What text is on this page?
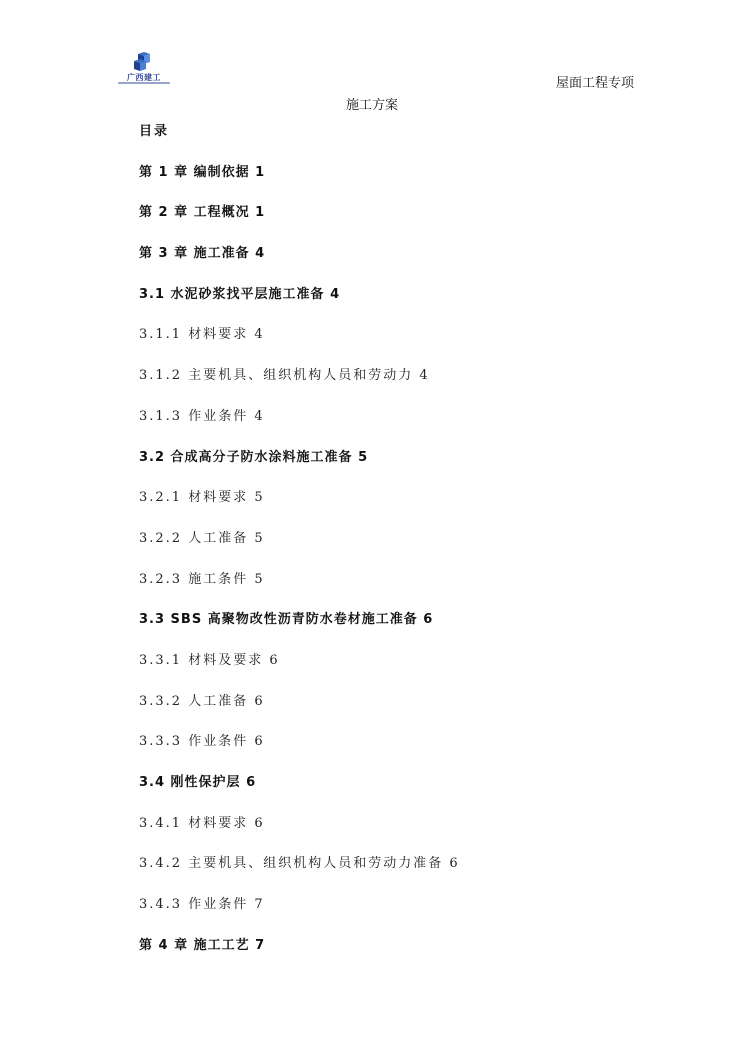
广西建工	屋面工程专项
施工方案
目录
第 1 章 编制依据 1
第 2 章 工程概况 1
第 3 章 施工准备 4
3.1 水泥砂浆找平层施工准备 4
3.1.1 材料要求 4
3.1.2 主要机具、组织机构人员和劳动力 4
3.1.3 作业条件 4
3.2 合成高分子防水涂料施工准备 5
3.2.1 材料要求 5
3.2.2 人工准备 5
3.2.3 施工条件 5
3.3 SBS 高聚物改性沥青防水卷材施工准备 6
3.3.1 材料及要求 6
3.3.2 人工准备 6
3.3.3 作业条件 6
3.4 刚性保护层 6
3.4.1 材料要求 6
3.4.2 主要机具、组织机构人员和劳动力准备 6
3.4.3 作业条件 7
第 4 章 施工工艺 7
